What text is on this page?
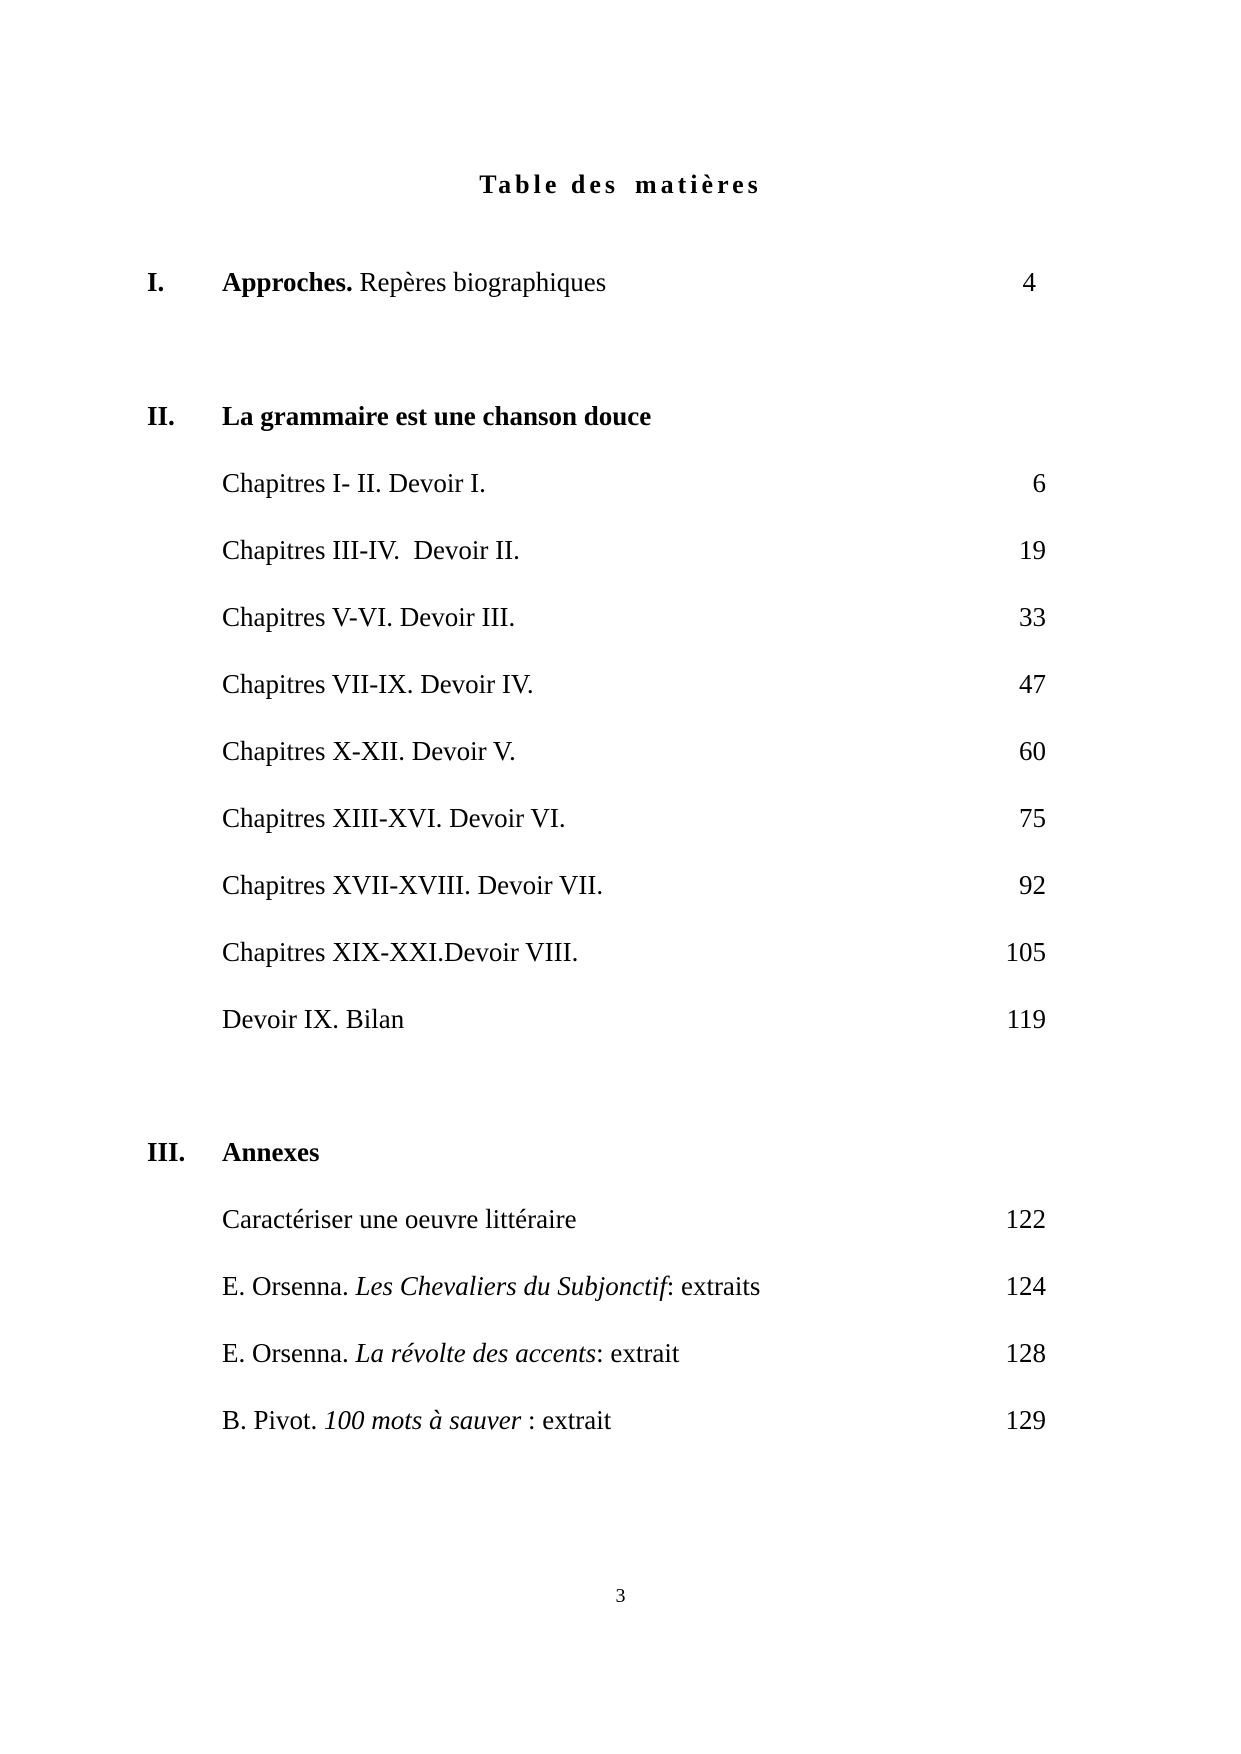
Table des matières
I. Approches. Repères biographiques	4
II. La grammaire est une chanson douce
Chapitres I- II. Devoir I.	6
Chapitres III-IV.  Devoir II.	19
Chapitres V-VI. Devoir III.	33
Chapitres VII-IX. Devoir IV.	47
Chapitres X-XII. Devoir V.	60
Chapitres XIII-XVI. Devoir VI.	75
Chapitres XVII-XVIII. Devoir VII.	92
Chapitres XIX-XXI.Devoir VIII.	105
Devoir IX. Bilan	119
III. Annexes
Caractériser une oeuvre littéraire	122
E. Orsenna. Les Chevaliers du Subjonctif: extraits	124
E. Orsenna. La révolte des accents: extrait	128
B. Pivot. 100 mots à sauver : extrait	129
3
